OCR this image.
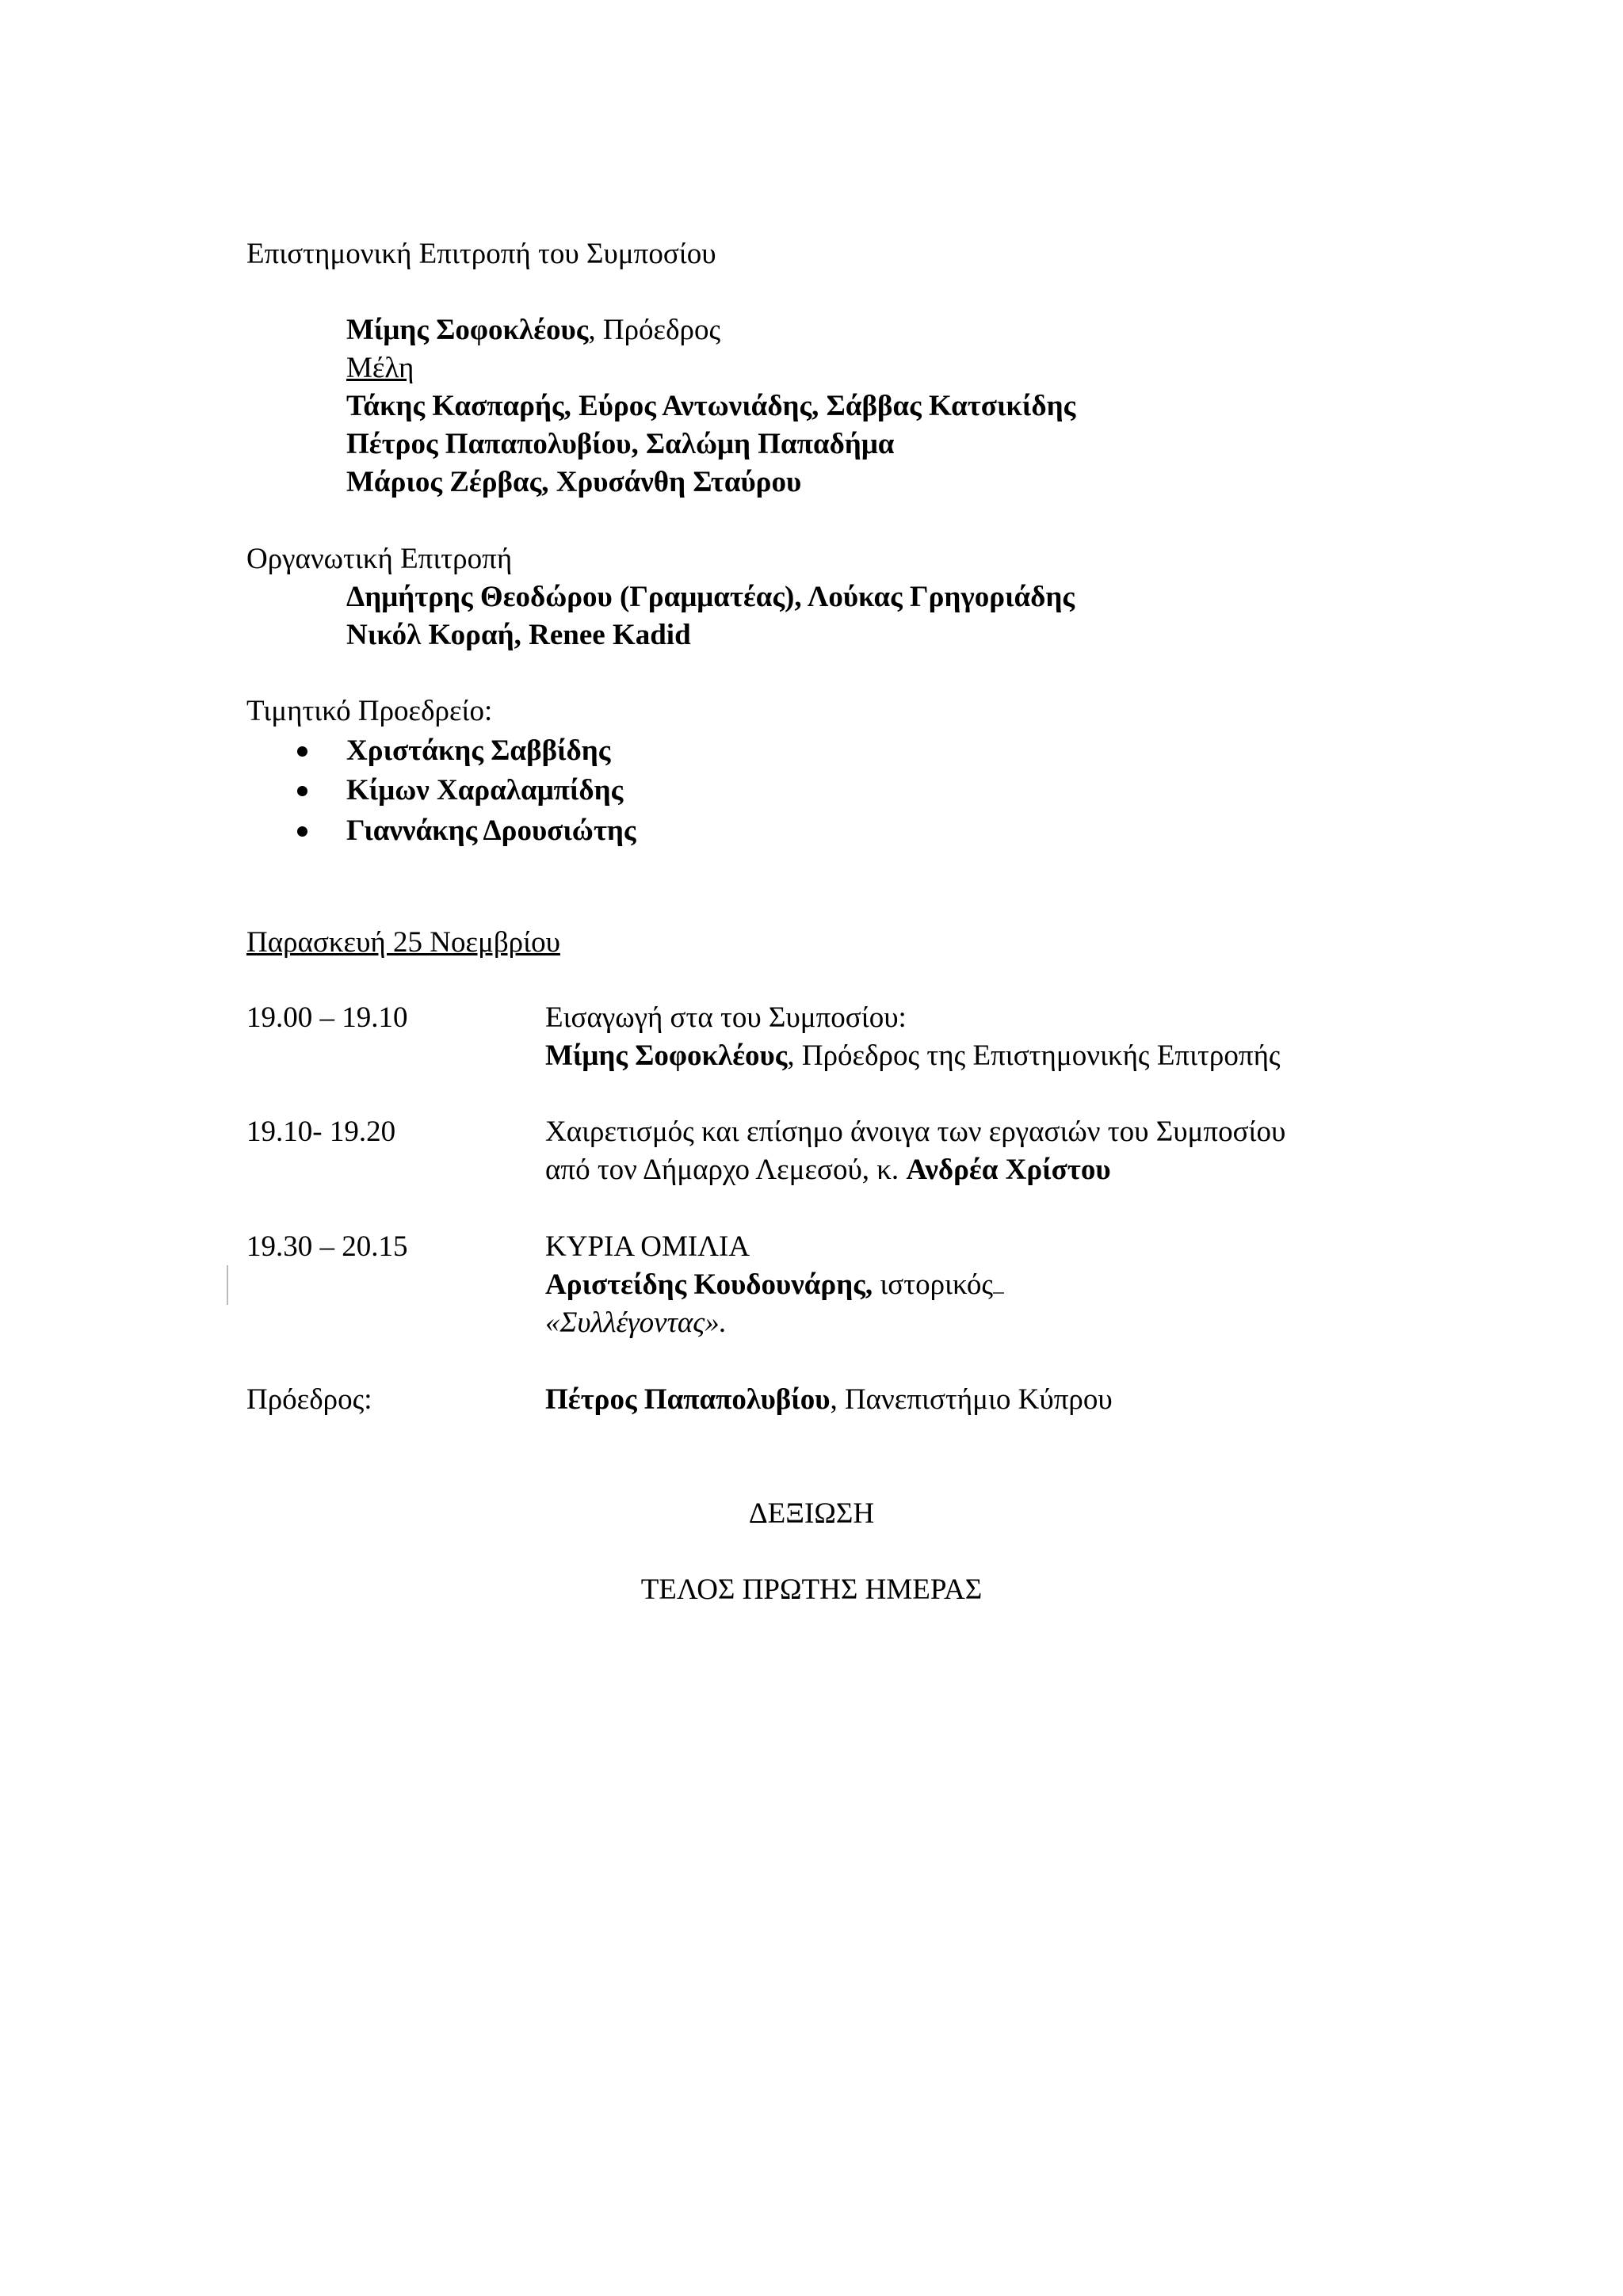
Επιστημονική Επιτροπή του Συμποσίου
Μίμης Σοφοκλέους, Πρόεδρος
Μέλη
Τάκης Κασπαρής, Εύρος Αντωνιάδης, Σάββας Κατσικίδης
Πέτρος Παπαπολυβίου, Σαλώμη Παπαδήμα
Μάριος Ζέρβας, Χρυσάνθη Σταύρου
Οργανωτική Επιτροπή
Δημήτρης Θεοδώρου (Γραμματέας), Λούκας Γρηγοριάδης
Νικόλ Κοραή, Renee Kadid
Τιμητικό Προεδρείο:
Χριστάκης Σαββίδης
Κίμων Χαραλαμπίδης
Γιαννάκης Δρουσιώτης
Παρασκευή 25 Νοεμβρίου
19.00 – 19.10	Εισαγωγή στα του Συμποσίου:
Μίμης Σοφοκλέους, Πρόεδρος της Επιστημονικής Επιτροπής
19.10- 19.20	Χαιρετισμός και επίσημο άνοιγα των εργασιών του Συμποσίου
από τον Δήμαρχο Λεμεσού, κ. Ανδρέα Χρίστου
19.30 – 20.15	ΚΥΡΙΑ ΟΜΙΛΙΑ
Αριστείδης Κουδουνάρης, ιστορικός
«Συλλέγοντας».
Πρόεδρος:	Πέτρος Παπαπολυβίου, Πανεπιστήμιο Κύπρου
ΔΕΞΙΩΣΗ
ΤΕΛΟΣ ΠΡΩΤΗΣ ΗΜΕΡΑΣ
